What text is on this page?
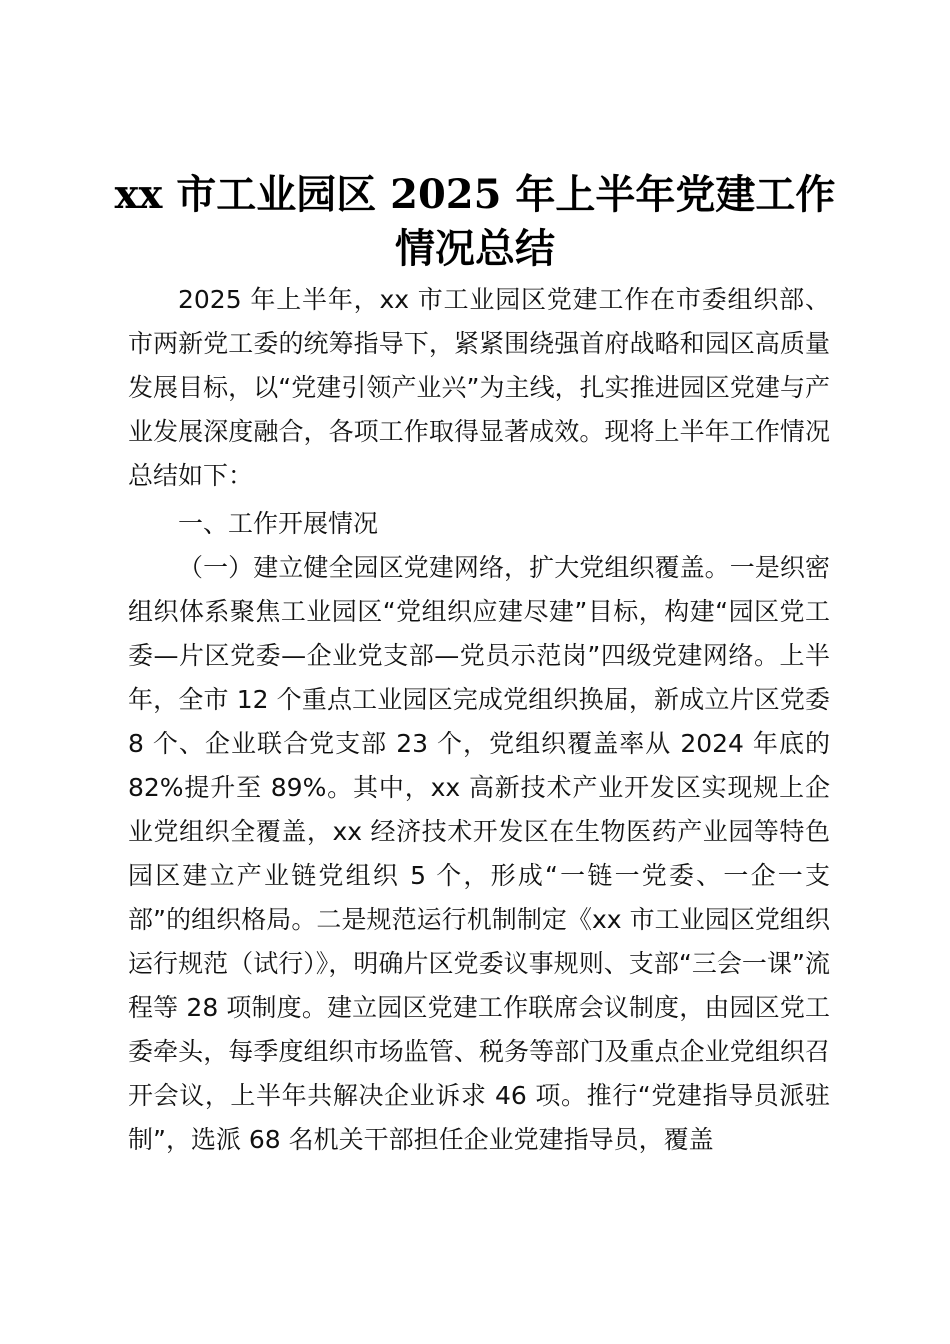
xx 市工业园区 2025 年上半年党建工作情况总结

2025 年上半年，xx 市工业园区党建工作在市委组织部、市两新党工委的统筹指导下，紧紧围绕强首府战略和园区高质量发展目标，以“党建引领产业兴”为主线，扎实推进园区党建与产业发展深度融合，各项工作取得显著成效。现将上半年工作情况总结如下：

一、工作开展情况

（一）建立健全园区党建网络，扩大党组织覆盖。一是织密组织体系聚焦工业园区“党组织应建尽建”目标，构建“园区党工委—片区党委—企业党支部—党员示范岗”四级党建网络。上半年，全市 12 个重点工业园区完成党组织换届，新成立片区党委 8 个、企业联合党支部 23 个，党组织覆盖率从 2024 年底的 82%提升至 89%。其中，xx 高新技术产业开发区实现规上企业党组织全覆盖，xx 经济技术开发区在生物医药产业园等特色园区建立产业链党组织 5 个，形成“一链一党委、一企一支部”的组织格局。二是规范运行机制制定《xx 市工业园区党组织运行规范（试行）》，明确片区党委议事规则、支部“三会一课”流程等 28 项制度。建立园区党建工作联席会议制度，由园区党工委牵头，每季度组织市场监管、税务等部门及重点企业党组织召开会议，上半年共解决企业诉求 46 项。推行“党建指导员派驻制”，选派 68 名机关干部担任企业党建指导员，覆盖
